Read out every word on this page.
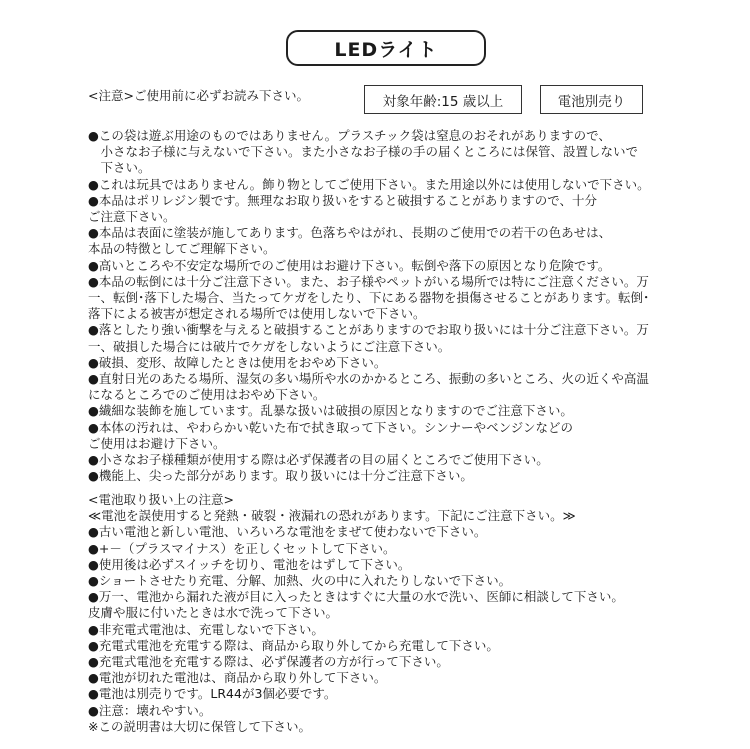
LEDライト
<注意>ご使用前に必ずお読み下さい。	対象年齢:15 歳以上	電池別売り

●この袋は遊ぶ用途のものではありません。プラスチック袋は窒息のおそれがありますので、

　小さなお子様に与えないで下さい。また小さなお子様の手の届くところには保管、設置しないで

　下さい。

●これは玩具ではありません。飾り物としてご使用下さい。また用途以外には使用しないで下さい。

●本品はポリレジン製です。無理なお取り扱いをすると破損することがありますので、十分

ご注意下さい。

●本品は表面に塗装が施してあります。色落ちやはがれ、長期のご使用での若干の色あせは、

本品の特徴としてご理解下さい。

●高いところや不安定な場所でのご使用はお避け下さい。転倒や落下の原因となり危険です。

●本品の転倒には十分ご注意下さい。また、お子様やペットがいる場所では特にご注意ください。万

一、転倒･落下した場合、当たってケガをしたり、下にある器物を損傷させることがあります。転倒･

落下による被害が想定される場所では使用しないで下さい。

●落としたり強い衝撃を与えると破損することがありますのでお取り扱いには十分ご注意下さい。万

一、破損した場合には破片でケガをしないようにご注意下さい。

●破損、変形、故障したときは使用をおやめ下さい。

●直射日光のあたる場所、湿気の多い場所や水のかかるところ、振動の多いところ、火の近くや高温

になるところでのご使用はおやめ下さい。

●繊細な装飾を施しています。乱暴な扱いは破損の原因となりますのでご注意下さい。

●本体の汚れは、やわらかい乾いた布で拭き取って下さい。シンナーやベンジンなどの

ご使用はお避け下さい。

●小さなお子様種類が使用する際は必ず保護者の目の届くところでご使用下さい。

●機能上、尖った部分があります。取り扱いには十分ご注意下さい。

<電池取り扱い上の注意>

≪電池を誤使用すると発熱・破裂・液漏れの恐れがあります。下記にご注意下さい。≫

●古い電池と新しい電池、いろいろな電池をまぜて使わないで下さい。

●+－（プラスマイナス）を正しくセットして下さい。

●使用後は必ずスイッチを切り、電池をはずして下さい。

●ショートさせたり充電、分解、加熱、火の中に入れたりしないで下さい。

●万一、電池から漏れた液が目に入ったときはすぐに大量の水で洗い、医師に相談して下さい。

皮膚や服に付いたときは水で洗って下さい。

●非充電式電池は、充電しないで下さい。

●充電式電池を充電する際は、商品から取り外してから充電して下さい。

●充電式電池を充電する際は、必ず保護者の方が行って下さい。

●電池が切れた電池は、商品から取り外して下さい。

●電池は別売りです。LR44が3個必要です。

●注意：壊れやすい。

※この説明書は大切に保管して下さい。
